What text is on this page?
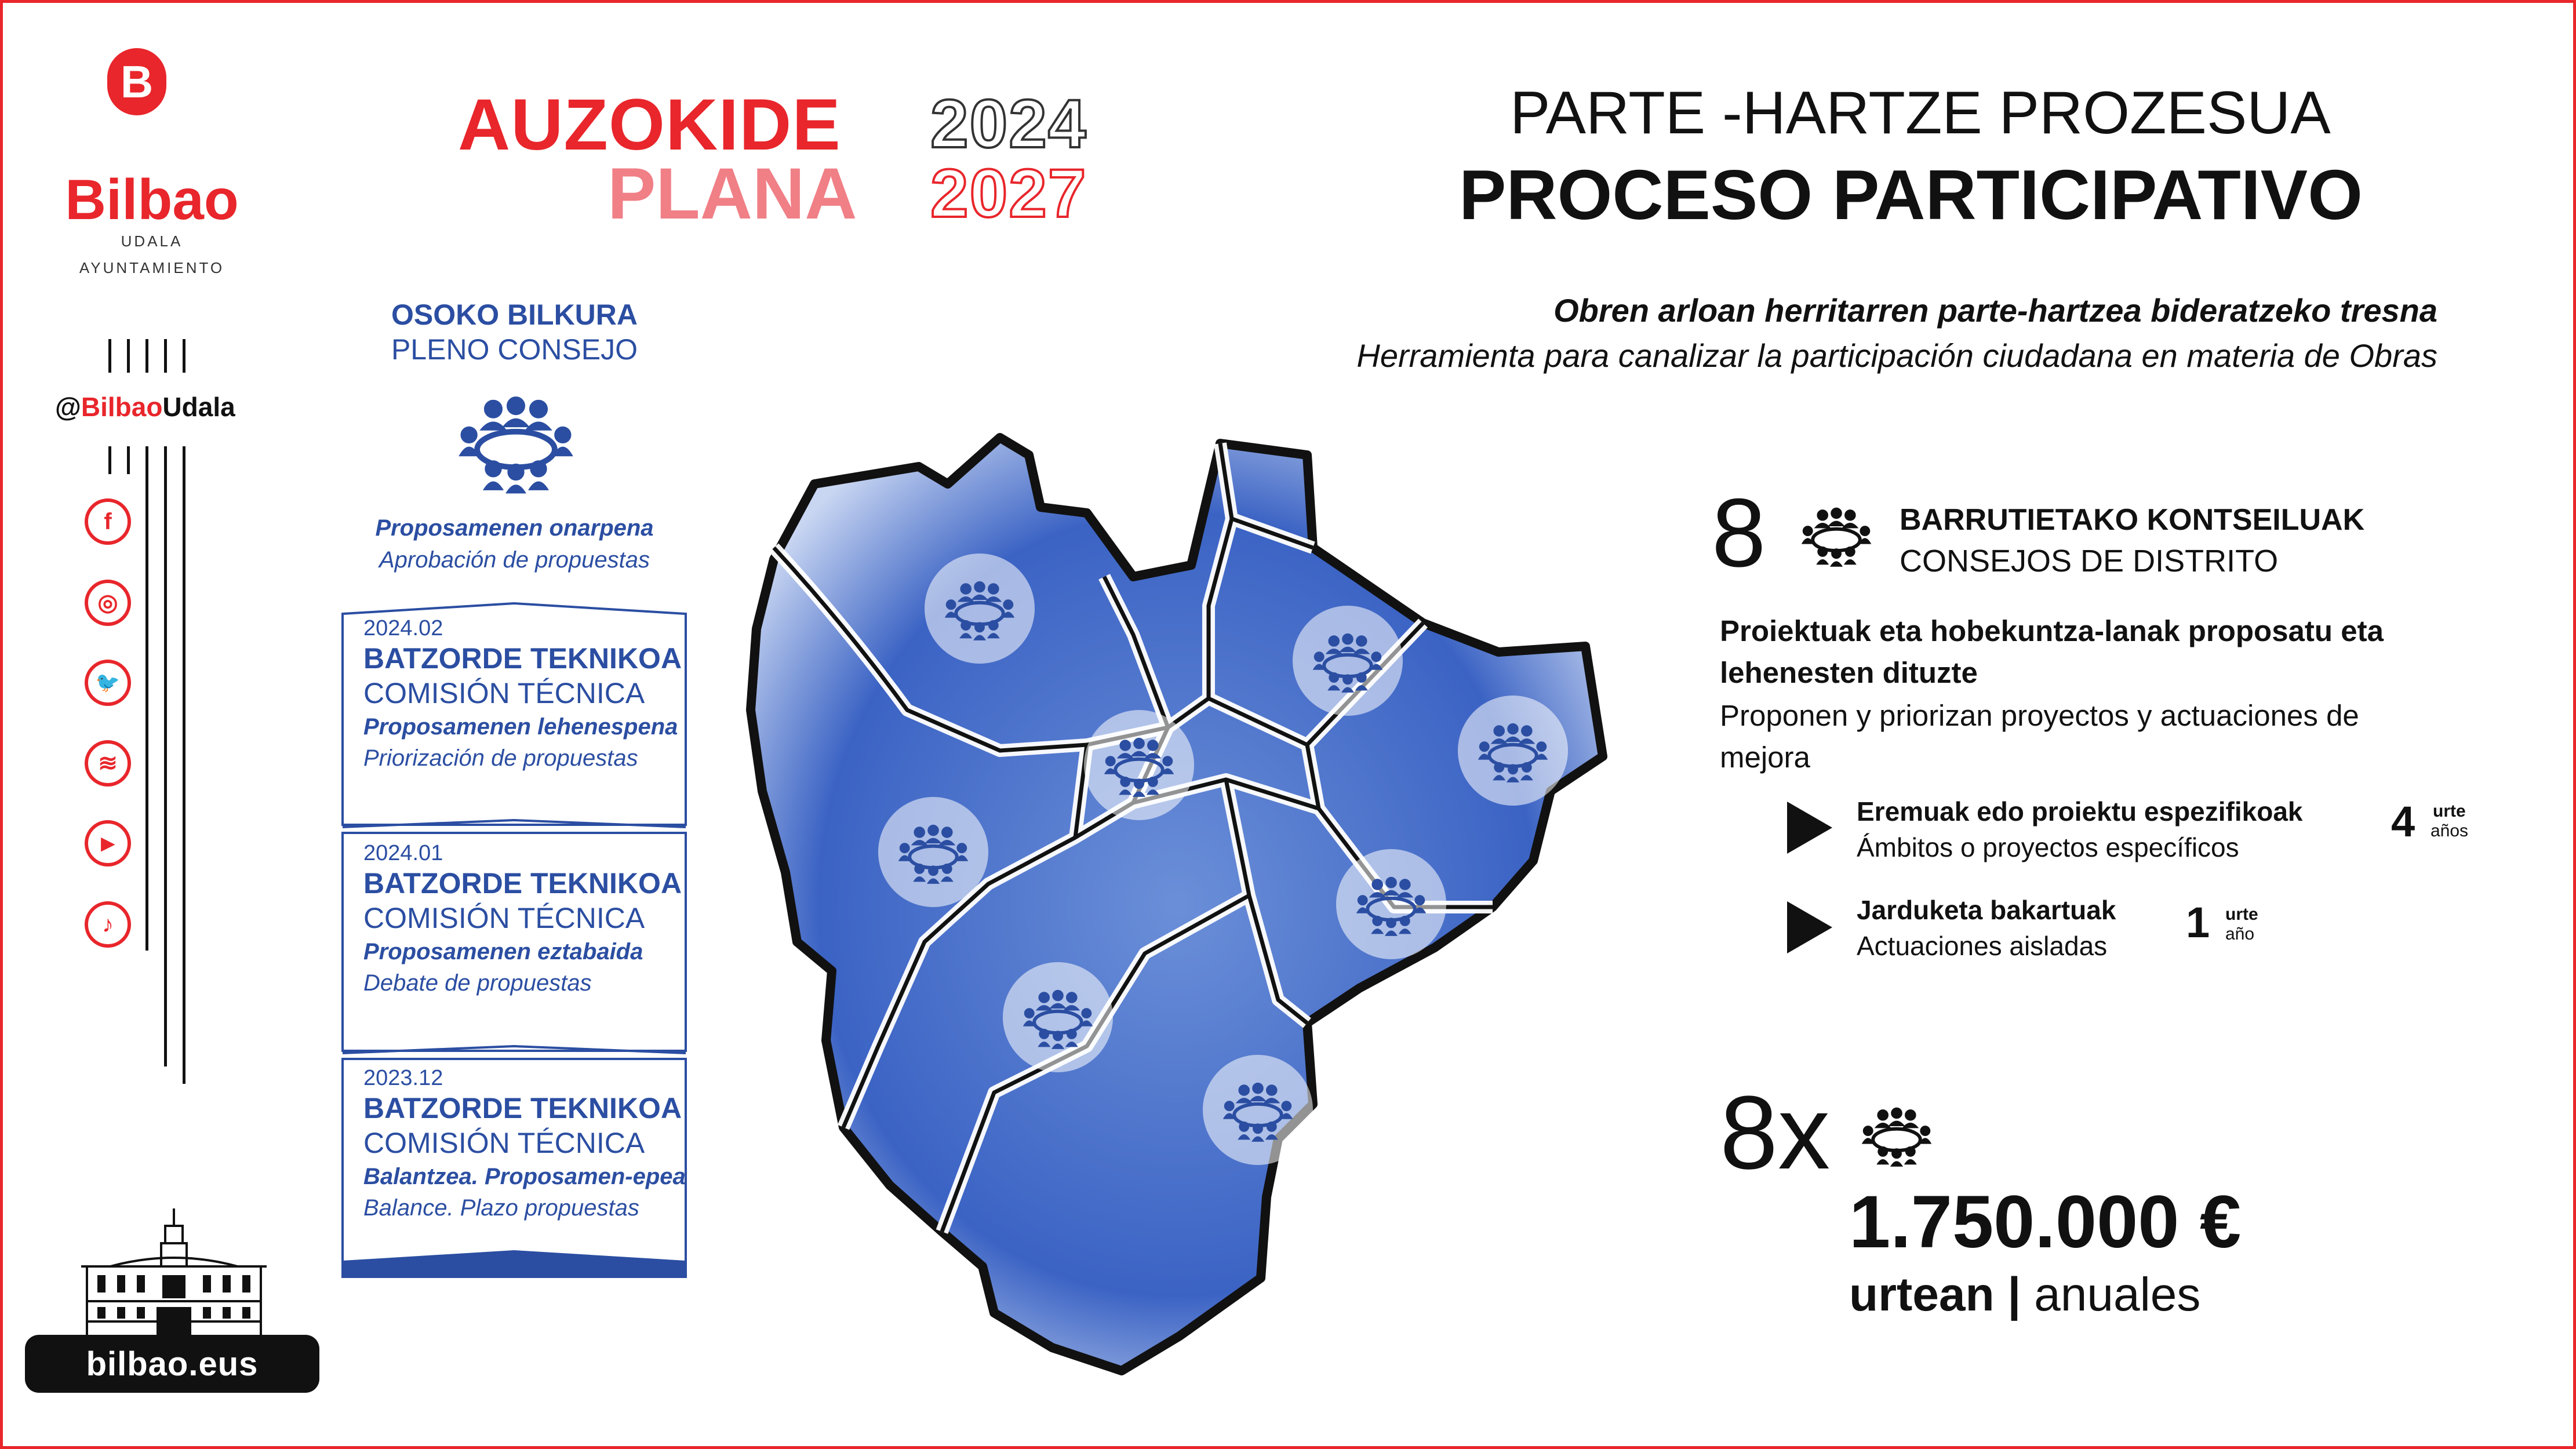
B
Bilbao
UDALA
AYUNTAMIENTO
@BilbaoUdala
f
◎
🐦
≋
▶
♪
bilbao.eus
AUZOKIDE
PLANA
2024
2027
PARTE -HARTZE PROZESUA
PROCESO PARTICIPATIVO
Obren arloan herritarren parte-hartzea bideratzeko tresna
Herramienta para canalizar la participación ciudadana en materia de Obras
OSOKO BILKURA
PLENO CONSEJO
Proposamenen onarpena
Aprobación de propuestas
2024.02
BATZORDE TEKNIKOA
COMISIÓN TÉCNICA
Proposamenen lehenespena
Priorización de propuestas
2024.01
BATZORDE TEKNIKOA
COMISIÓN TÉCNICA
Proposamenen eztabaida
Debate de propuestas
2023.12
BATZORDE TEKNIKOA
COMISIÓN TÉCNICA
Balantzea. Proposamen-epea
Balance. Plazo propuestas
8	BARRUTIETAKO KONTSEILUAK
CONSEJOS DE DISTRITO
Proiektuak eta hobekuntza-lanak proposatu eta lehenesten dituzte
Proponen y priorizan proyectos y actuaciones de mejora
Eremuak edo proiektu espezifikoak
Ámbitos o proyectos específicos
4 urte
años
Jarduketa bakartuak
Actuaciones aisladas 1 urte
año
8x
1.750.000 €
urtean | anuales
